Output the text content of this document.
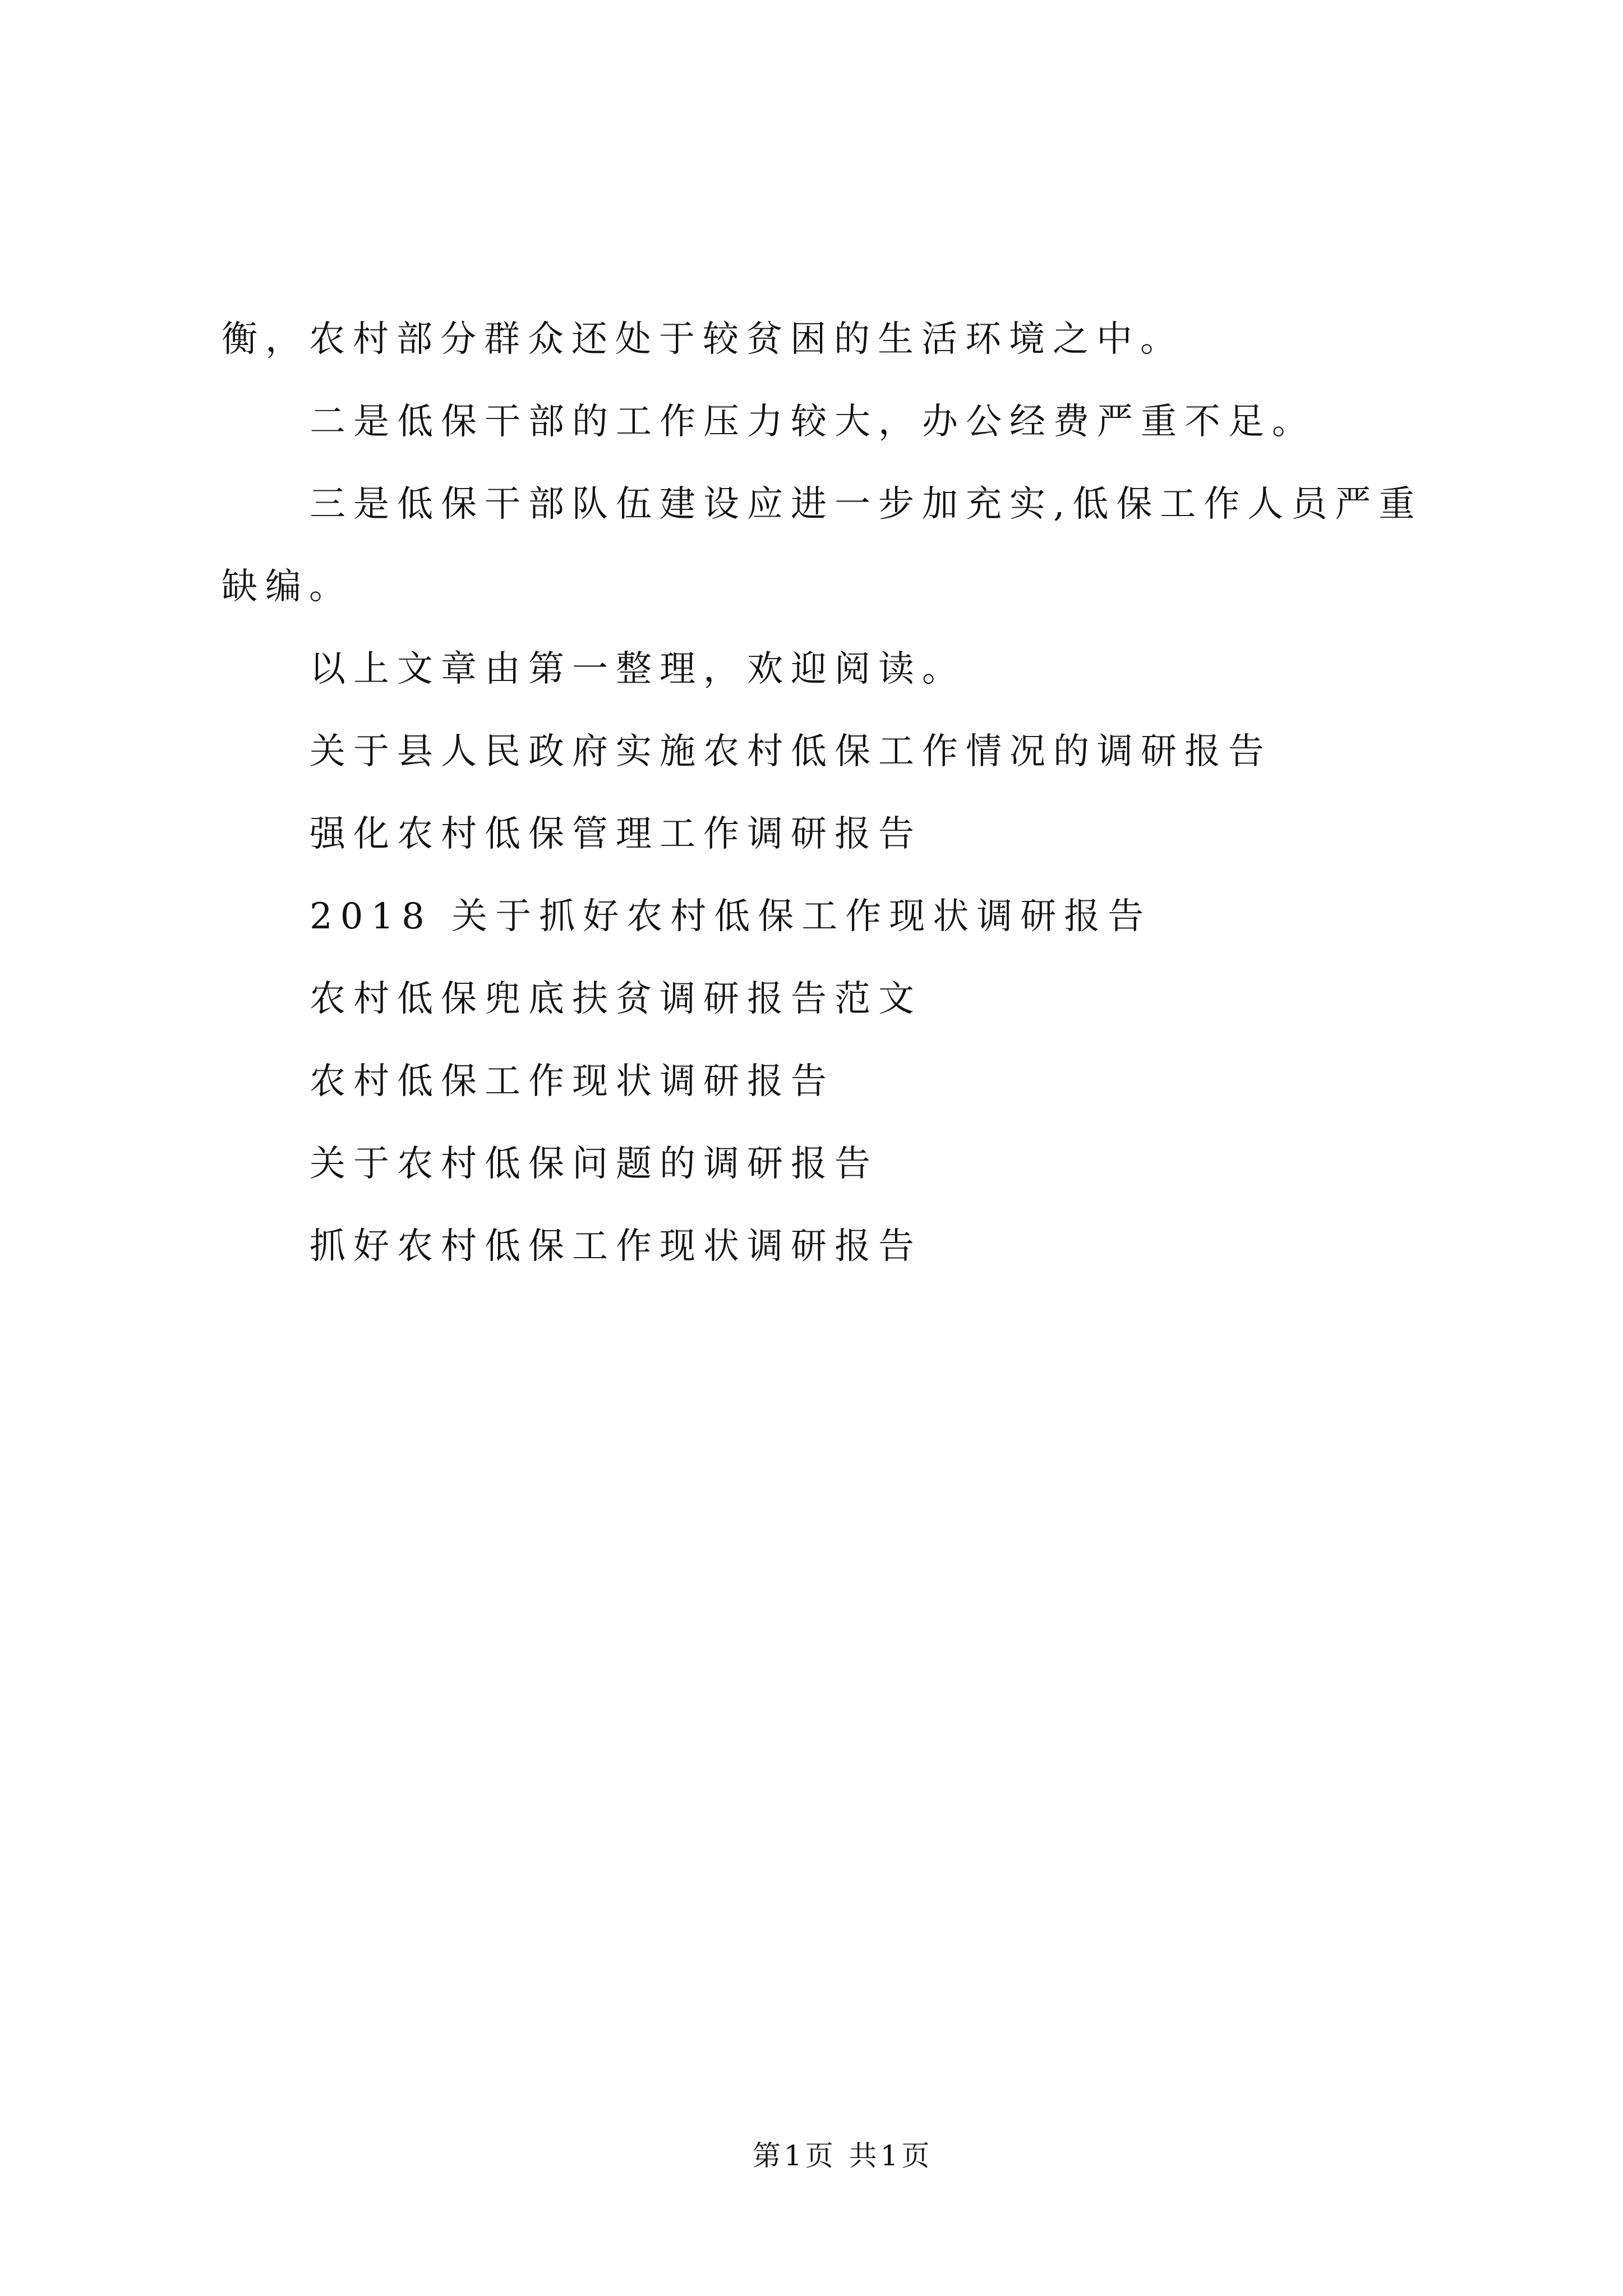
衡，农村部分群众还处于较贫困的生活环境之中。
二是低保干部的工作压力较大，办公经费严重不足。
三是低保干部队伍建设应进一步加充实,低保工作人员严重
缺编。
以上文章由第一整理，欢迎阅读。
关于县人民政府实施农村低保工作情况的调研报告
强化农村低保管理工作调研报告
2018 关于抓好农村低保工作现状调研报告
农村低保兜底扶贫调研报告范文
农村低保工作现状调研报告
关于农村低保问题的调研报告
抓好农村低保工作现状调研报告
第1页 共1页
